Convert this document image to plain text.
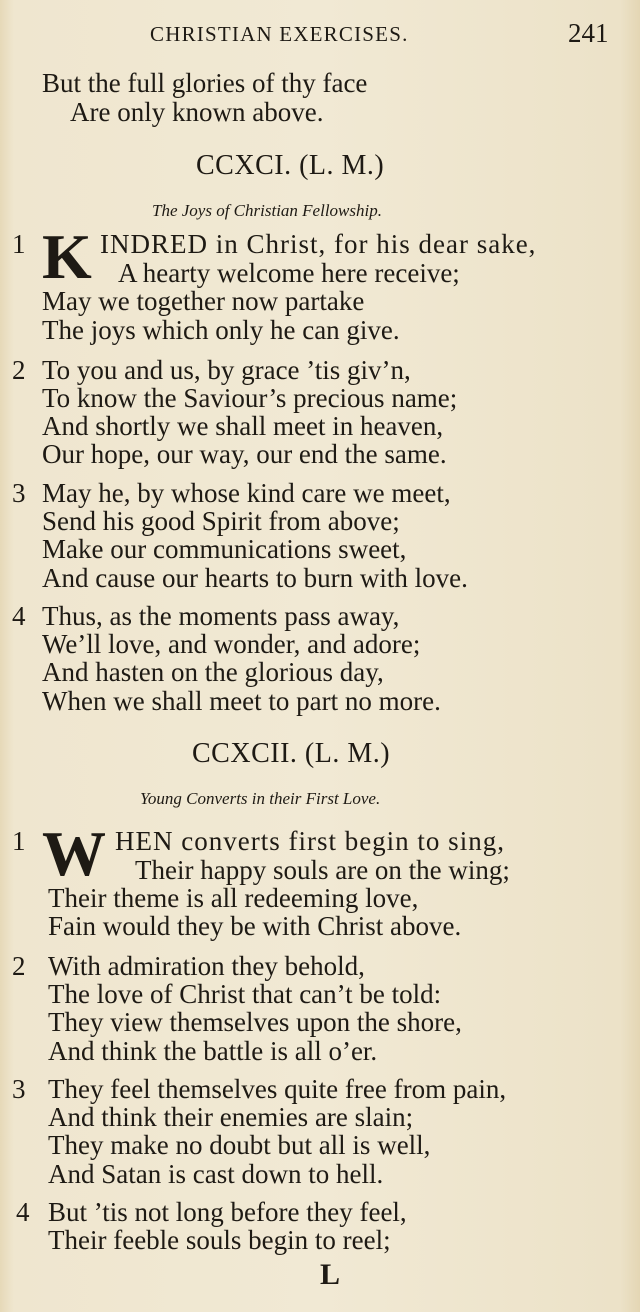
CHRISTIAN EXERCISES.	241
But the full glories of thy face
Are only known above.
CCXCI. (L. M.)
The Joys of Christian Fellowship.
1 K INDRED in Christ, for his dear sake,
A hearty welcome here receive;
May we together now partake
The joys which only he can give.
2 To you and us, by grace ’tis giv’n,
To know the Saviour’s precious name;
And shortly we shall meet in heaven,
Our hope, our way, our end the same.
3 May he, by whose kind care we meet,
Send his good Spirit from above;
Make our communications sweet,
And cause our hearts to burn with love.
4 Thus, as the moments pass away,
We’ll love, and wonder, and adore;
And hasten on the glorious day,
When we shall meet to part no more.
CCXCII. (L. M.)
Young Converts in their First Love.
1 W HEN converts first begin to sing,
Their happy souls are on the wing;
Their theme is all redeeming love,
Fain would they be with Christ above.
2 With admiration they behold,
The love of Christ that can’t be told:
They view themselves upon the shore,
And think the battle is all o’er.
3 They feel themselves quite free from pain,
And think their enemies are slain;
They make no doubt but all is well,
And Satan is cast down to hell.
4 But ’tis not long before they feel,
Their feeble souls begin to reel;
L
